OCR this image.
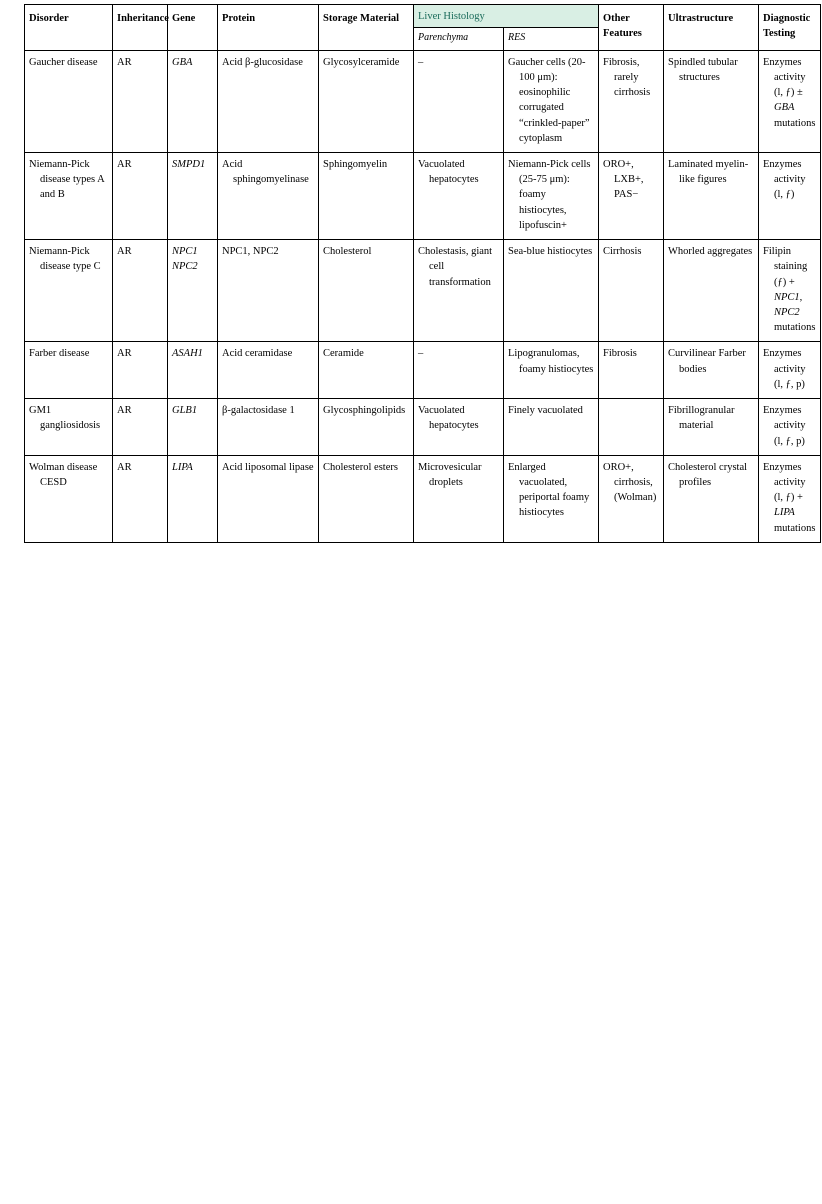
Disorder	Inheritance	Gene	Protein	Storage Material	Liver Histology		Other Features	Ultrastructure	Diagnostic Testing
					Parenchyma	RES			

Gaucher disease	AR	GBA	Acid β-glucosidase	Glycosylceramide	–	Gaucher cells (20-100 μm): eosinophilic corrugated “crinkled-paper” cytoplasm	Fibrosis, rarely cirrhosis	Spindled tubular structures	Enzymes activity
(l, ƒ) ±
GBA
mutations

Niemann-Pick disease types A and B	AR	SMPD1	Acid sphingomyelinase	Sphingomyelin	Vacuolated hepatocytes	Niemann-Pick cells (25-75 μm): foamy histiocytes, lipofuscin+	ORO+, LXB+, PAS−	Laminated myelin-like figures	Enzymes activity
(l, ƒ)

Niemann-Pick disease type C	AR	NPC1 NPC2	NPC1, NPC2	Cholesterol	Cholestasis, giant cell transformation	Sea-blue histiocytes	Cirrhosis	Whorled aggregates	Filipin staining
(ƒ) +
NPC1, NPC2
mutations

Farber disease	AR	ASAH1	Acid ceramidase	Ceramide	–	Lipogranulomas, foamy histiocytes	Fibrosis	Curvilinear Farber bodies	Enzymes activity
(l, ƒ, p)

GM1 gangliosidosis	AR	GLB1	β-galactosidase 1	Glycosphingolipids	Vacuolated hepatocytes	Finely vacuolated		Fibrillogranular material	Enzymes activity
(l, ƒ, p)

Wolman disease CESD	AR	LIPA	Acid liposomal lipase	Cholesterol esters	Microvesicular droplets	Enlarged vacuolated, periportal foamy histiocytes	ORO+, cirrhosis, (Wolman)	Cholesterol crystal profiles	Enzymes activity
(l, ƒ) +
LIPA
mutations
